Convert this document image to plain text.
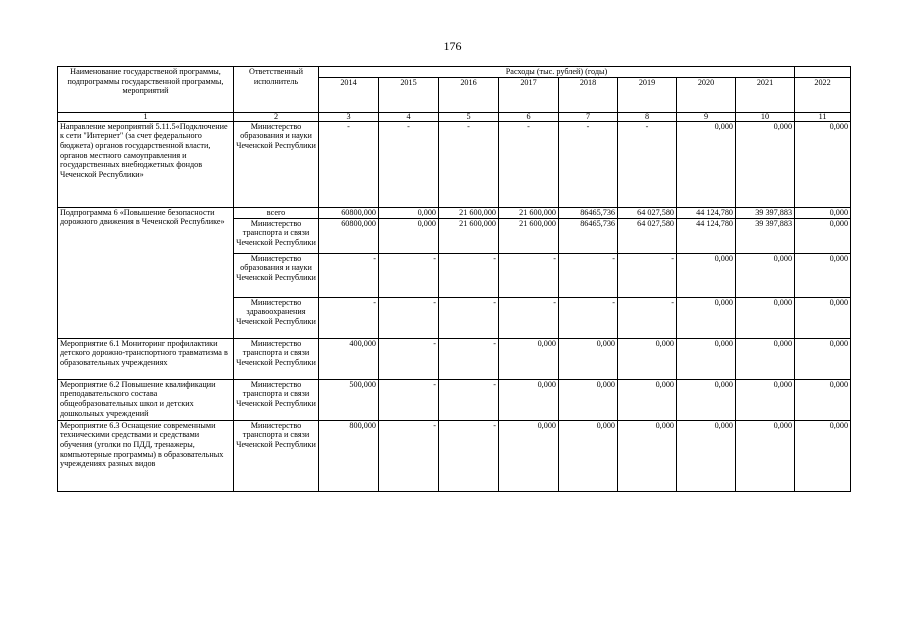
176
Наименование государственой программы, подпрограммы государственной программы, мероприятий	Ответственный исполнитель	Расходы (тыс. рублей) (годы)								
		2014	2015	2016	2017	2018	2019	2020	2021	2022
1	2	3	4	5	6	7	8	9	10	11
Направление мероприятий 5.11.5«Подключение к сети "Интернет" (за счет федерального бюджета) органов государственной власти, органов местного самоуправления и государственных внебюджетных фондов Чеченской Республики»	Министерство образования и науки Чеченской Республики	-	-	-	-	-	-	0,000	0,000	0,000
Подпрограмма 6 «Повышение безопасности дорожного движения в Чеченской Республике»	всего	60800,000	0,000	21 600,000	21 600,000	86465,736	64 027,580	44 124,780	39 397,883	0,000
	Министерство транспорта и связи Чеченской Республики	60800,000	0,000	21 600,000	21 600,000	86465,736	64 027,580	44 124,780	39 397,883	0,000
	Министерство образования и науки Чеченской Республики	-	-	-	-	-	-	0,000	0,000	0,000
	Министерство здравоохранения Чеченской Республики	-	-	-	-	-	-	0,000	0,000	0,000
Мероприятие 6.1 Мониторинг профилактики детского дорожно-транспортного травматизма в образовательных учреждениях	Министерство транспорта и связи Чеченской Республики	400,000	-	-	0,000	0,000	0,000	0,000	0,000	0,000
Мероприятие 6.2 Повышение квалификации преподавательского состава общеобразовательных школ и детских дошкольных учреждений	Министерство транспорта и связи Чеченской Республики	500,000	-	-	0,000	0,000	0,000	0,000	0,000	0,000
Мероприятие 6.3 Оснащение современными техническими средствами и средствами обучения (уголки по ПДД, тренажеры, компьютерные программы) в образовательных учреждениях разных видов	Министерство транспорта и связи Чеченской Республики	800,000	-	-	0,000	0,000	0,000	0,000	0,000	0,000
